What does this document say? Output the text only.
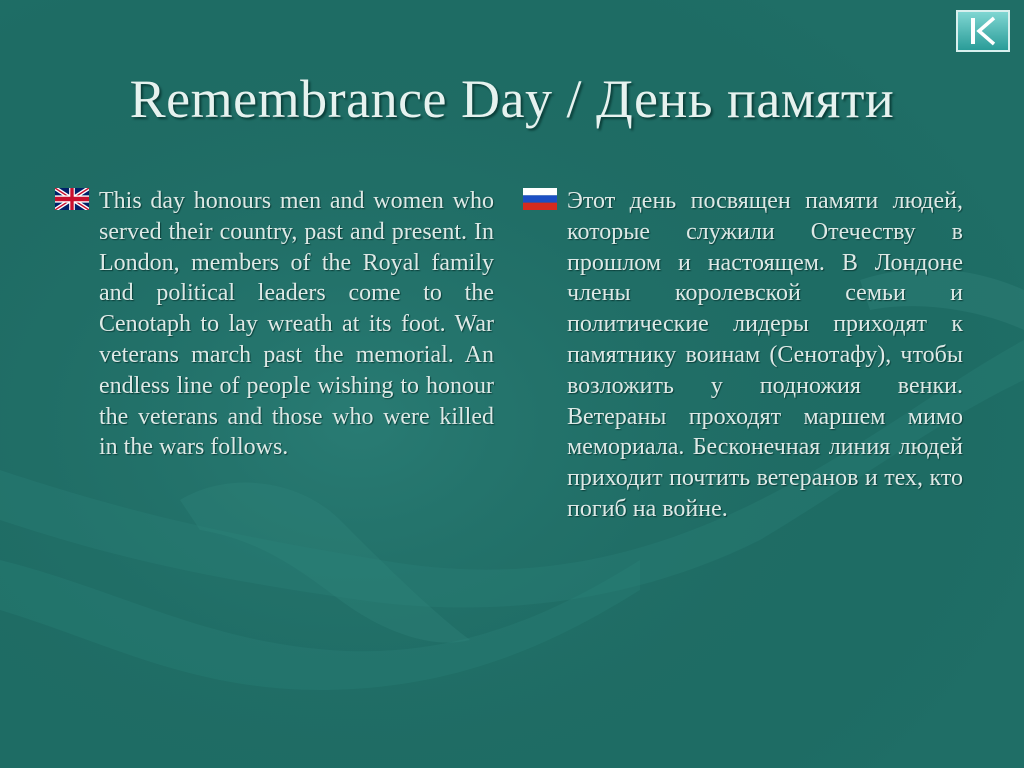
Remembrance Day / День памяти
This day honours men and women who served their country, past and present. In London, members of the Royal family and political leaders come to the Cenotaph to lay wreath at its foot. War veterans march past the memorial. An endless line of people wishing to honour the veterans and those who were killed in the wars follows.
Этот день посвящен памяти людей, которые служили Отечеству в прошлом и настоящем. В Лондоне члены королевской семьи и политические лидеры приходят к памятнику воинам (Сенотафу), чтобы возложить у подножия венки. Ветераны проходят маршем мимо мемориала. Бесконечная линия людей приходит почтить ветеранов и тех, кто погиб на войне.
